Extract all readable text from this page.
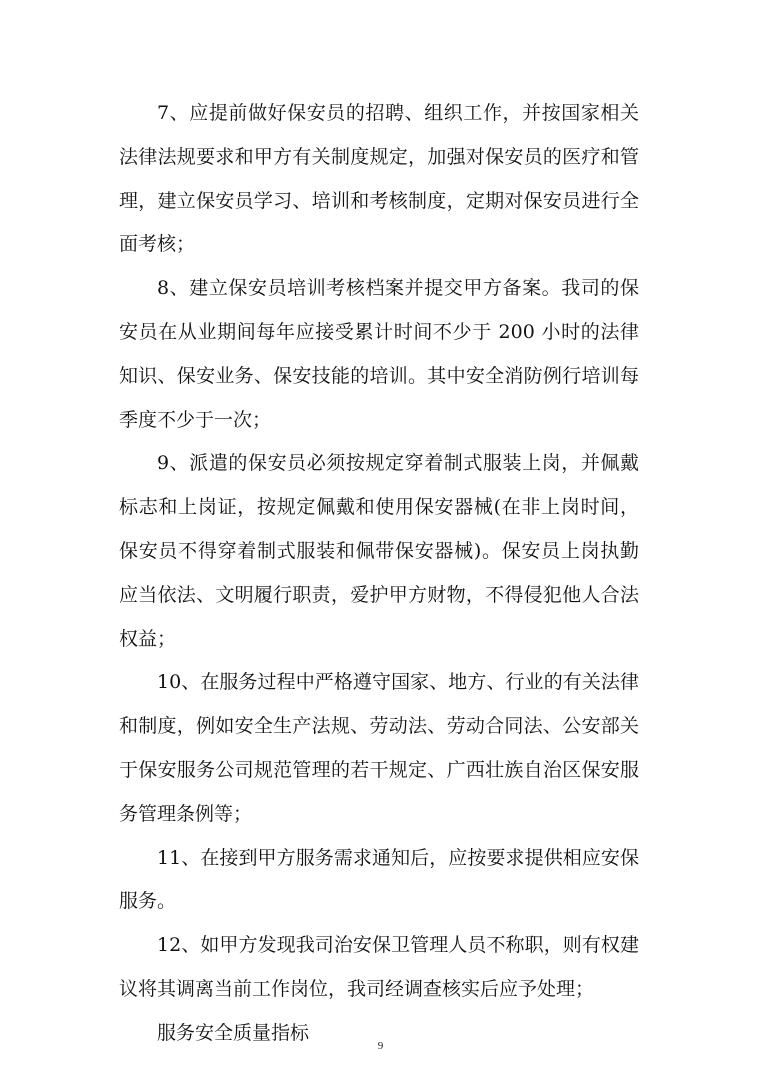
7、应提前做好保安员的招聘、组织工作，并按国家相关法律法规要求和甲方有关制度规定，加强对保安员的医疗和管理，建立保安员学习、培训和考核制度，定期对保安员进行全面考核；

8、建立保安员培训考核档案并提交甲方备案。我司的保安员在从业期间每年应接受累计时间不少于 200 小时的法律知识、保安业务、保安技能的培训。其中安全消防例行培训每季度不少于一次；

9、派遣的保安员必须按规定穿着制式服装上岗，并佩戴标志和上岗证，按规定佩戴和使用保安器械(在非上岗时间，保安员不得穿着制式服装和佩带保安器械)。保安员上岗执勤应当依法、文明履行职责，爱护甲方财物，不得侵犯他人合法权益；

10、在服务过程中严格遵守国家、地方、行业的有关法律和制度，例如安全生产法规、劳动法、劳动合同法、公安部关于保安服务公司规范管理的若干规定、广西壮族自治区保安服务管理条例等；

11、在接到甲方服务需求通知后，应按要求提供相应安保服务。

12、如甲方发现我司治安保卫管理人员不称职，则有权建议将其调离当前工作岗位，我司经调查核实后应予处理；

服务安全质量指标

9
